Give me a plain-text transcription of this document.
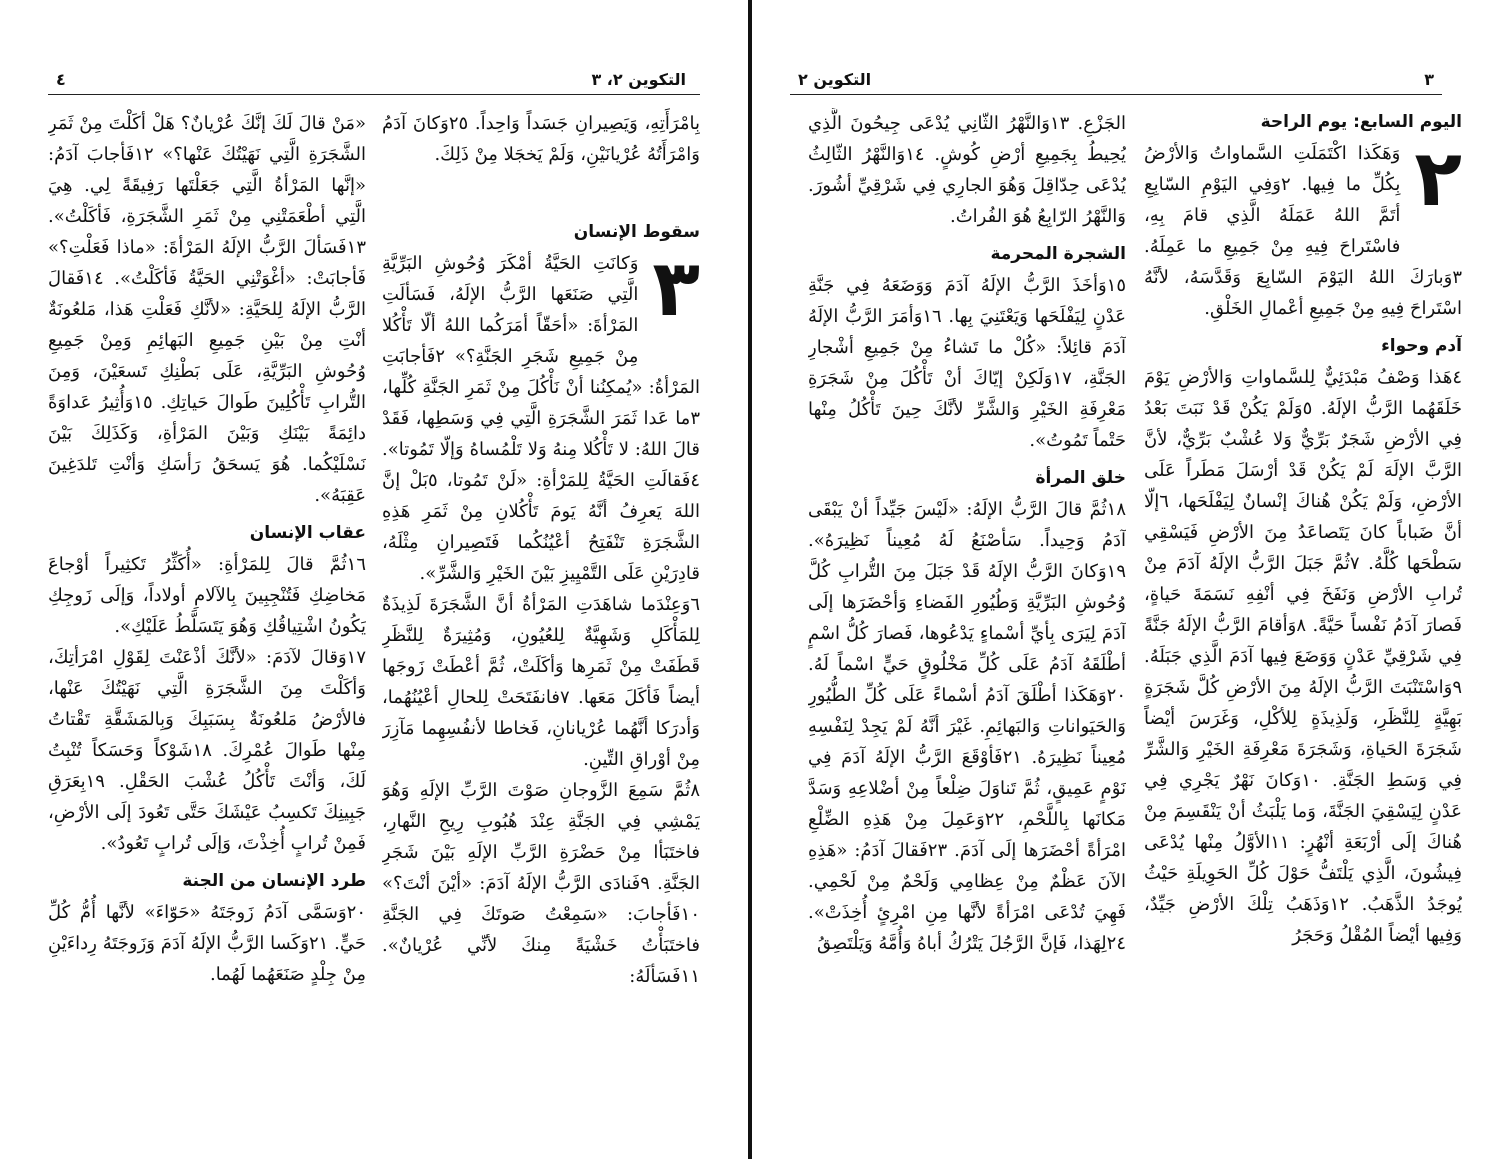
٤	التكوين ٢، ٣

بِامْرَأَتِهِ، وَيَصِيرانِ جَسَداً وَاحِداً. ٢٥وَكانَ آدَمُ وَامْرَأَتُهُ عُرْيانَيْنِ، وَلَمْ يَخجَلا مِنْ ذَلِكَ.

سقوط الإنسان
٣

وَكانَتِ الحَيَّةُ أمْكَرَ وُحُوشِ البَرِّيَّةِ الَّتِي صَنَعَها الرَّبُّ الإلَهُ، فَسَألَتِ المَرْأةَ: «أحَقّاً أمَرَكُما اللهُ ألّا تَأْكُلا مِنْ جَمِيعِ شَجَرِ الجَنَّةِ؟» ٢فَأجابَتِ المَرْأةُ: «يُمكِنُنا أنْ نَأْكُلَ مِنْ ثَمَرِ الجَنَّةِ كُلِّها، ٣ما عَدا ثَمَرَ الشَّجَرَةِ الَّتِي فِي وَسَطِها، فَقَدْ قالَ اللهُ: لا تَأْكُلا مِنهُ وَلا تَلْمُساهُ وَإلّا تَمُوتا». ٤فَقالَتِ الحَيَّةُ لِلمَرْأةِ: «لَنْ تَمُوتا، ٥بَلْ إنَّ اللهَ يَعرِفُ أنَّهُ يَومَ تَأْكُلانِ مِنْ ثَمَرِ هَذِهِ الشَّجَرَةِ تَنْفَتِحُ أعْيُنُكُما فَتَصِيرانِ مِثْلَهُ، قادِرَيْنِ عَلَى التَّمْيِيزِ بَيْنَ الخَيْرِ وَالشَّرِّ».

٦وَعِنْدَما شاهَدَتِ المَرْأةُ أنَّ الشَّجَرَةَ لَذِيذَةٌ لِلمَأْكَلِ وَشَهِيَّةٌ لِلعُيُونِ، وَمُثِيرَةٌ لِلنَّظَرِ قَطَفَتْ مِنْ ثَمَرِها وَأكَلَتْ، ثُمَّ أعْطَتْ زَوجَها أيضاً فَأكَلَ مَعَها. ٧فانفَتَحَتْ لِلحالِ أعْيُنُهُما، وَأدرَكا أنَّهُما عُرْيانانِ، فَخاطا لأنفُسِهِما مَآزِرَ مِنْ أوْراقِ التِّينِ.

٨ثُمَّ سَمِعَ الزَّوجانِ صَوْتَ الرَّبِّ الإلَهِ وَهُوَ يَمْشِي فِي الجَنَّةِ عِنْدَ هُبُوبِ رِيحِ النَّهارِ، فاختَبَأا مِنْ حَضْرَةِ الرَّبِّ الإلَهِ بَيْنَ شَجَرِ الجَنَّةِ. ٩فَنادَى الرَّبُّ الإلَهُ آدَمَ: «أيْنَ أنْتَ؟» ١٠فَأجابَ: «سَمِعْتُ صَوتَكَ فِي الجَنَّةِ فاختَبَأْتُ خَشْيَةً مِنكَ لأنِّي عُرْيانٌ». ١١فَسَألَهُ:

«مَنْ قالَ لَكَ إنَّكَ عُرْيانٌ؟ هَلْ أكَلْتَ مِنْ ثَمَرِ الشَّجَرَةِ الَّتِي نَهَيْتُكَ عَنْها؟» ١٢فَأجابَ آدَمُ: «إنَّها المَرْأةُ الَّتِي جَعَلْتَها رَفِيقَةً لِي. هِيَ الَّتِي أطْعَمَتْنِي مِنْ ثَمَرِ الشَّجَرَةِ، فَأكَلْتُ». ١٣فَسَألَ الرَّبُّ الإلَهُ المَرْأةَ: «ماذا فَعَلْتِ؟» فَأجابَتْ: «أغْوَتْنِي الحَيَّةُ فَأكَلْتُ». ١٤فَقالَ الرَّبُّ الإلَهُ لِلحَيَّةِ: «لأنَّكِ فَعَلْتِ هَذا، مَلعُونَةٌ أنْتِ مِنْ بَيْنِ جَمِيعِ البَهائِمِ وَمِنْ جَمِيعِ وُحُوشِ البَرِّيَّةِ، عَلَى بَطْنِكِ تَسعَيْنَ، وَمِنَ التُّرابِ تَأْكُلِينَ طَوالَ حَياتِكِ. ١٥وَأُثِيرُ عَداوَةً دائِمَةً بَيْنَكِ وَبَيْنَ المَرْأةِ، وَكَذَلِكَ بَيْنَ نَسْلَيْكُما. هُوَ يَسحَقُ رَأسَكِ وَأنْتِ تَلدَغِينَ عَقِبَهُ».

عقاب الإنسان

١٦ثُمَّ قالَ لِلمَرْأةِ: «أُكَثِّرُ تَكثِيراً أوْجاعَ مَخاضِكِ فَتُنْجِبِينَ بِالآلامِ أولاداً، وَإلَى زَوجِكِ يَكُونُ اشْتِياقُكِ وَهُوَ يَتَسَلَّطُ عَلَيْكِ».

١٧وَقالَ لآدَمَ: «لأنَّكَ أذْعَنْتَ لِقَوْلِ امْرَأتِكَ، وَأكَلْتَ مِنَ الشَّجَرَةِ الَّتِي نَهَيْتُكَ عَنْها، فالأرْضُ مَلعُونَةٌ بِسَبَبِكَ وَبِالمَشَقَّةِ تَقْتاتُ مِنْها طَوالَ عُمْرِكَ. ١٨شَوْكاً وَحَسَكاً تُنْبِتُ لَكَ، وَأنْتَ تَأْكُلُ عُشْبَ الحَقْلِ. ١٩بِعَرَقِ جَبِينِكَ تَكسِبُ عَيْشَكَ حَتَّى تَعُودَ إلَى الأرْضِ، فَمِنْ تُرابٍ أُخِذْتَ، وَإلَى تُرابٍ تَعُودُ».

طرد الإنسان من الجنة

٢٠وَسَمَّى آدَمُ زَوجَتَهُ «حَوّاءَ» لأنَّها أُمُّ كُلِّ حَيٍّ. ٢١وَكَسا الرَّبُّ الإلَهُ آدَمَ وَزَوجَتَهُ رِداءَيْنِ مِنْ جِلْدٍ صَنَعَهُما لَهُما.

٣
التكوين ٢
اليوم السابع: يوم الراحة
٢

وَهَكَذا اكْتَمَلَتِ السَّماواتُ وَالأرْضُ بِكُلِّ ما فِيها. ٢وَفِي اليَوْمِ السّابِعِ أتَمَّ اللهُ عَمَلَهُ الَّذِي قامَ بِهِ، فاسْتَراحَ فِيهِ مِنْ جَمِيعِ ما عَمِلَهُ. ٣وَبارَكَ اللهُ اليَوْمَ السّابِعَ وَقَدَّسَهُ، لأنَّهُ اسْتَراحَ فِيهِ مِنْ جَمِيعِ أعْمالِ الخَلْقِ.

آدم وحواء

٤هَذا وَصْفُ مَبْدَئِيٌّ لِلسَّماواتِ وَالأرْضِ يَوْمَ خَلَقَهُما الرَّبُّ الإلَهُ. ٥وَلَمْ يَكُنْ قَدْ نَبَتَ بَعْدُ فِي الأرْضِ شَجَرٌ بَرِّيٌّ وَلا عُشْبٌ بَرِّيٌّ، لأنَّ الرَّبَّ الإلَهَ لَمْ يَكُنْ قَدْ أرْسَلَ مَطَراً عَلَى الأرْضِ، وَلَمْ يَكُنْ هُناكَ إنْسانٌ لِيَفْلَحَها، ٦إلّا أنَّ ضَباباً كانَ يَتَصاعَدُ مِنَ الأرْضِ فَيَسْقِي سَطْحَها كُلَّهُ. ٧ثُمَّ جَبَلَ الرَّبُّ الإلَهُ آدَمَ مِنْ تُرابِ الأرْضِ وَنَفَخَ فِي أنْفِهِ نَسَمَةَ حَياةٍ، فَصارَ آدَمُ نَفْساً حَيَّةً. ٨وَأقامَ الرَّبُّ الإلَهُ جَنَّةً فِي شَرْقِيِّ عَدْنٍ وَوَضَعَ فِيها آدَمَ الَّذِي جَبَلَهُ. ٩وَاسْتَنْبَتَ الرَّبُّ الإلَهُ مِنَ الأرْضِ كُلَّ شَجَرَةٍ بَهِيَّةٍ لِلنَّظَرِ، وَلَذِيذَةٍ لِلأكْلِ، وَغَرَسَ أيْضاً شَجَرَةَ الحَياةِ، وَشَجَرَةَ مَعْرِفَةِ الخَيْرِ وَالشَّرِّ فِي وَسَطِ الجَنَّةِ. ١٠وَكانَ نَهْرٌ يَجْرِي فِي عَدْنٍ لِيَسْقِيَ الجَنَّةَ، وَما يَلْبَثُ أنْ يَنْقَسِمَ مِنْ هُناكَ إلَى أرْبَعَةِ أنْهُرٍ: ١١الأوَّلُ مِنْها يُدْعَى فِيشُونَ، الَّذِي يَلْتَفُّ حَوْلَ كُلِّ الحَوِيلَةِ حَيْثُ يُوجَدُ الذَّهَبُ. ١٢وَذَهَبُ تِلْكَ الأرْضِ جَيِّدٌ، وَفِيها أيْضاً المُقْلُ وَحَجَرُ

الجَزْعِ. ١٣وَالنَّهْرُ الثّانِي يُدْعَى جِيحُونَ الَّذِي يُحِيطُ بِجَمِيعِ أرْضِ كُوشٍ. ١٤وَالنَّهْرُ الثّالِثُ يُدْعَى حِدّاقِلَ وَهُوَ الجارِي فِي شَرْقِيِّ أشُورَ. وَالنَّهْرُ الرّابِعُ هُوَ الفُراتُ.

الشجرة المحرمة

١٥وَأخَذَ الرَّبُّ الإلَهُ آدَمَ وَوَضَعَهُ فِي جَنَّةِ عَدْنٍ لِيَفْلَحَها وَيَعْتَنِيَ بِها. ١٦وَأمَرَ الرَّبُّ الإلَهُ آدَمَ قائِلاً: «كُلْ ما تَشاءُ مِنْ جَمِيعِ أشْجارِ الجَنَّةِ، ١٧وَلَكِنْ إيّاكَ أنْ تَأْكُلَ مِنْ شَجَرَةِ مَعْرِفَةِ الخَيْرِ وَالشَّرِّ لأنَّكَ حِينَ تَأْكُلُ مِنْها حَتْماً تَمُوتُ».

خلق المرأة

١٨ثُمَّ قالَ الرَّبُّ الإلَهُ: «لَيْسَ جَيِّداً أنْ يَبْقَى آدَمُ وَحِيداً. سَأصْنَعُ لَهُ مُعِيناً نَظِيرَهُ». ١٩وَكانَ الرَّبُّ الإلَهُ قَدْ جَبَلَ مِنَ التُّرابِ كُلَّ وُحُوشِ البَرِّيَّةِ وَطُيُورِ الفَضاءِ وَأحْضَرَها إلَى آدَمَ لِيَرَى بِأيِّ أسْماءٍ يَدْعُوها، فَصارَ كُلُّ اسْمٍ أطْلَقَهُ آدَمُ عَلَى كُلِّ مَخْلُوقٍ حَيٍّ اسْماً لَهُ. ٢٠وَهَكَذا أطْلَقَ آدَمُ أسْماءً عَلَى كُلِّ الطُّيُورِ وَالحَيَواناتِ وَالبَهائِمِ. غَيْرَ أنَّهُ لَمْ يَجِدْ لِنَفْسِهِ مُعِيناً نَظِيرَهُ. ٢١فَأوْقَعَ الرَّبُّ الإلَهُ آدَمَ فِي نَوْمٍ عَمِيقٍ، ثُمَّ تَناوَلَ ضِلْعاً مِنْ أضْلاعِهِ وَسَدَّ مَكانَها بِاللَّحْمِ، ٢٢وَعَمِلَ مِنْ هَذِهِ الضِّلْعِ امْرَأةً أحْضَرَها إلَى آدَمَ. ٢٣فَقالَ آدَمُ: «هَذِهِ الآنَ عَظْمٌ مِنْ عِظامِي وَلَحْمٌ مِنْ لَحْمِي. فَهِيَ تُدْعَى امْرَأةً لأنَّها مِنِ امْرِئٍ أُخِذَتْ». ٢٤لِهَذا، فَإنَّ الرَّجُلَ يَتْرُكُ أباهُ وَأُمَّهُ وَيَلْتَصِقُ
